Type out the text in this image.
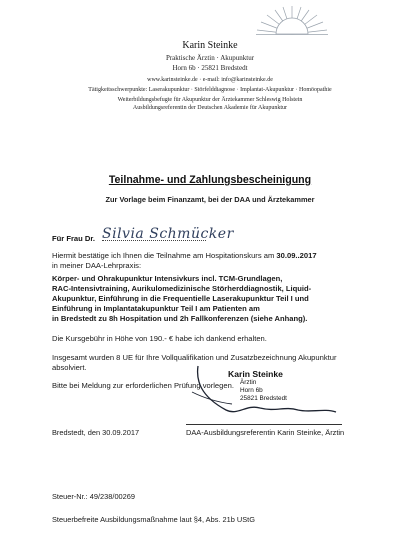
Karin Steinke
Praktische Ärztin · Akupunktur
Horn 6b · 25821 Bredstedt
www.karinsteinke.de · e-mail: info@karinsteinke.de
Tätigkeitsschwerpunkte: Laserakupunktur · Störfelddiagnose · Implantat-Akupunktur · Homöopathie
Weiterbildungsbefugte für Akupunktur der Ärztekammer Schleswig Holstein
Ausbildungsreferentin der Deutschen Akademie für Akupunktur
Teilnahme- und Zahlungsbescheinigung
Zur Vorlage beim Finanzamt, bei der DAA und Ärztekammer
Für Frau Dr. Silvia Schmücker
Hiermit bestätige ich Ihnen die Teilnahme am Hospitationskurs am 30.09..2017
in meiner DAA-Lehrpraxis:
Körper- und Ohrakupunktur Intensivkurs incl. TCM-Grundlagen,
RAC-Intensivtraining, Aurikulomedizinische Störherddiagnostik, Liquid-
Akupunktur, Einführung in die Frequentielle Laserakupunktur Teil I und
Einführung in Implantatakupunktur Teil I am Patienten am
in Bredstedt zu 8h Hospitation und 2h Fallkonferenzen (siehe Anhang).
Die Kursgebühr in Höhe von 190.- € habe ich dankend erhalten.
Insgesamt wurden 8 UE für Ihre Vollqualifikation und Zusatzbezeichnung Akupunktur
absolviert.
Bitte bei Meldung zur erforderlichen Prüfung vorlegen.
Karin Steinke
Ärztin
Horn 6b
25821 Bredstedt
Bredstedt, den 30.09.2017	DAA-Ausbildungsreferentin Karin Steinke, Ärztin
Steuer-Nr.: 49/238/00269
Steuerbefreite Ausbildungsmaßnahme laut §4, Abs. 21b UStG
